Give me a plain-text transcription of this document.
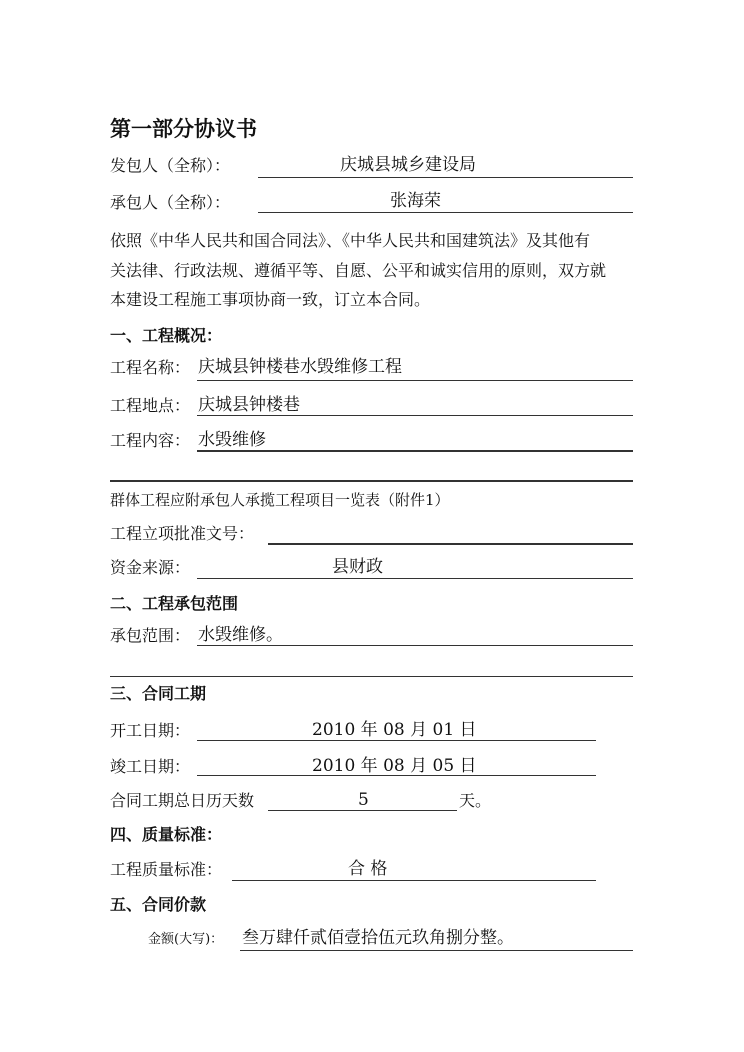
第一部分协议书
发包人（全称）：	庆城县城乡建设局
承包人（全称）：	张海荣
依照《中华人民共和国合同法》、《中华人民共和国建筑法》及其他有
关法律、行政法规、遵循平等、自愿、公平和诚实信用的原则，双方就
本建设工程施工事项协商一致，订立本合同。
一、工程概况：
工程名称： 庆城县钟楼巷水毁维修工程
工程地点： 庆城县钟楼巷
工程内容： 水毁维修
群体工程应附承包人承揽工程项目一览表（附件1）
工程立项批准文号：
资金来源：	县财政
二、工程承包范围
承包范围： 水毁维修。
三、合同工期
开工日期：	2010 年 08 月 01 日
竣工日期：	2010 年 08 月 05 日
合同工期总日历天数	5	天。
四、质量标准：
工程质量标准：	合 格
五、合同价款
金额(大写)： 叁万肆仟贰佰壹拾伍元玖角捌分整。
